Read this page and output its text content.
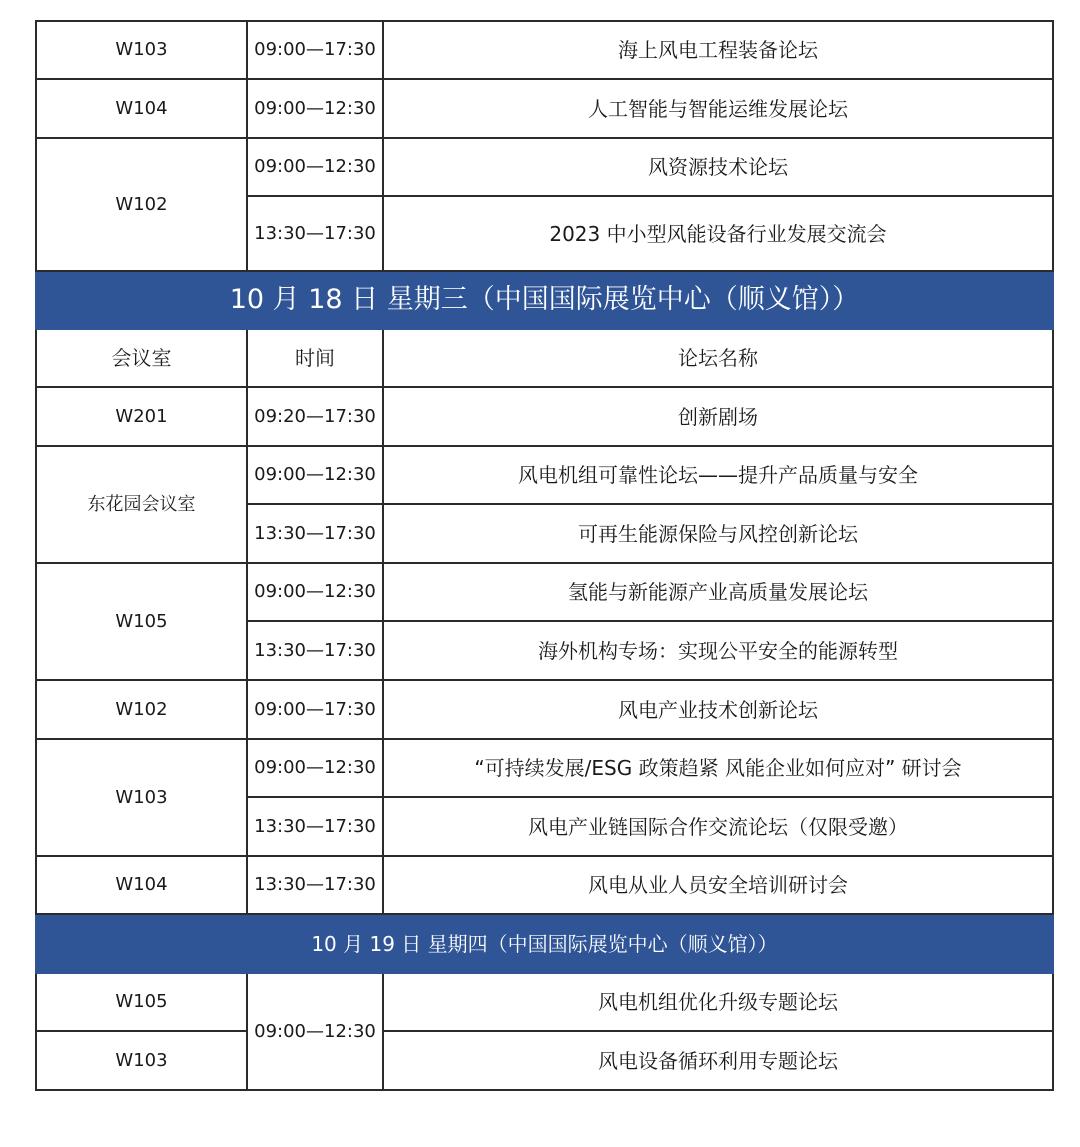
W103	09:00—17:30	海上风电工程装备论坛
W104	09:00—12:30	人工智能与智能运维发展论坛
W102	09:00—12:30	风资源技术论坛
	13:30—17:30	2023 中小型风能设备行业发展交流会
10 月 18 日 星期三（中国国际展览中心（顺义馆））		
会议室	时间	论坛名称
W201	09:20—17:30	创新剧场
东花园会议室	09:00—12:30	风电机组可靠性论坛——提升产品质量与安全
	13:30—17:30	可再生能源保险与风控创新论坛
W105	09:00—12:30	氢能与新能源产业高质量发展论坛
	13:30—17:30	海外机构专场：实现公平安全的能源转型
W102	09:00—17:30	风电产业技术创新论坛
W103	09:00—12:30	“可持续发展/ESG 政策趋紧 风能企业如何应对” 研讨会
	13:30—17:30	风电产业链国际合作交流论坛（仅限受邀）
W104	13:30—17:30	风电从业人员安全培训研讨会
10 月 19 日 星期四（中国国际展览中心（顺义馆））		
W105	09:00—12:30	风电机组优化升级专题论坛
W103		风电设备循环利用专题论坛
